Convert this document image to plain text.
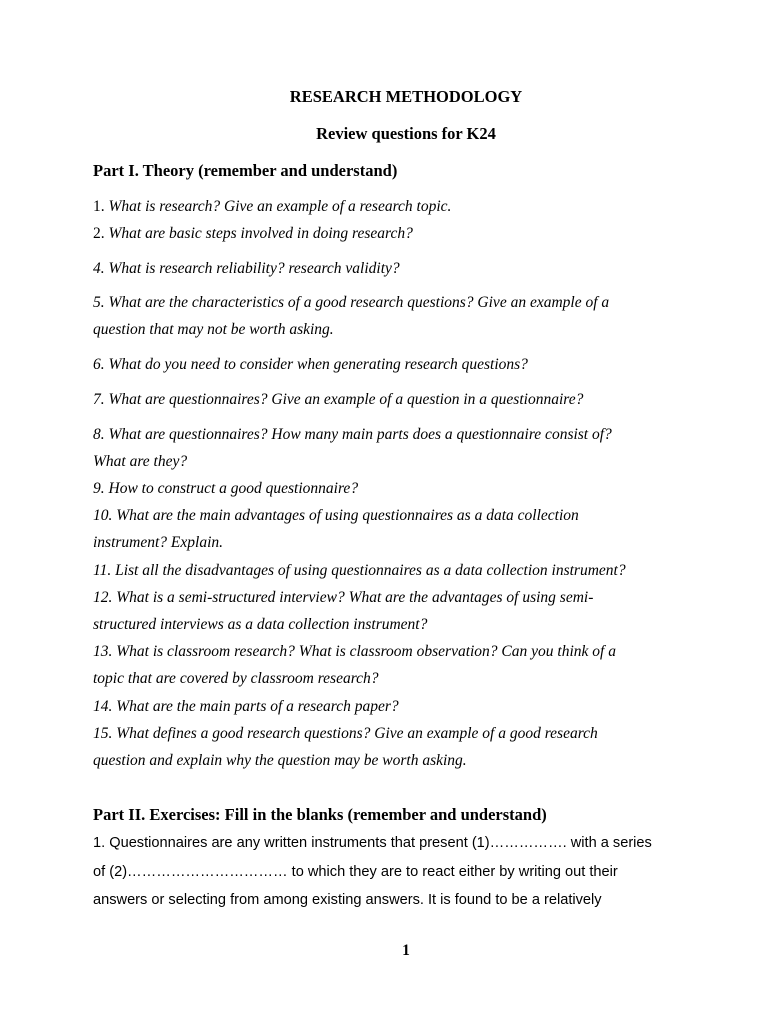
RESEARCH METHODOLOGY
Review questions for K24
Part I. Theory (remember and understand)
1. What is research? Give an example of a research topic.
2. What are basic steps involved in doing research?
4. What is research reliability? research validity?
5. What are the characteristics of a good research questions? Give an example of a
question that may not be worth asking.
6. What do you need to consider when generating research questions?
7. What are questionnaires? Give an example of a question in a questionnaire?
8. What are questionnaires? How many main parts does a questionnaire consist of?
What are they?
9. How to construct a good questionnaire?
10. What are the main advantages of using questionnaires as a data collection
instrument? Explain.
11. List all the disadvantages of using questionnaires as a data collection instrument?
12. What is a semi-structured interview? What are the advantages of using semi-
structured interviews as a data collection instrument?
13. What is classroom research? What is classroom observation? Can you think of a
topic that are covered by classroom research?
14. What are the main parts of a research paper?
15. What defines a good research questions? Give an example of a good research
question and explain why the question may be worth asking.
Part II. Exercises: Fill in the blanks (remember and understand)
1. Questionnaires are any written instruments that present (1)……………. with a series
of (2)…………………………… to which they are to react either by writing out their
answers or selecting from among existing answers. It is found to be a relatively
1
